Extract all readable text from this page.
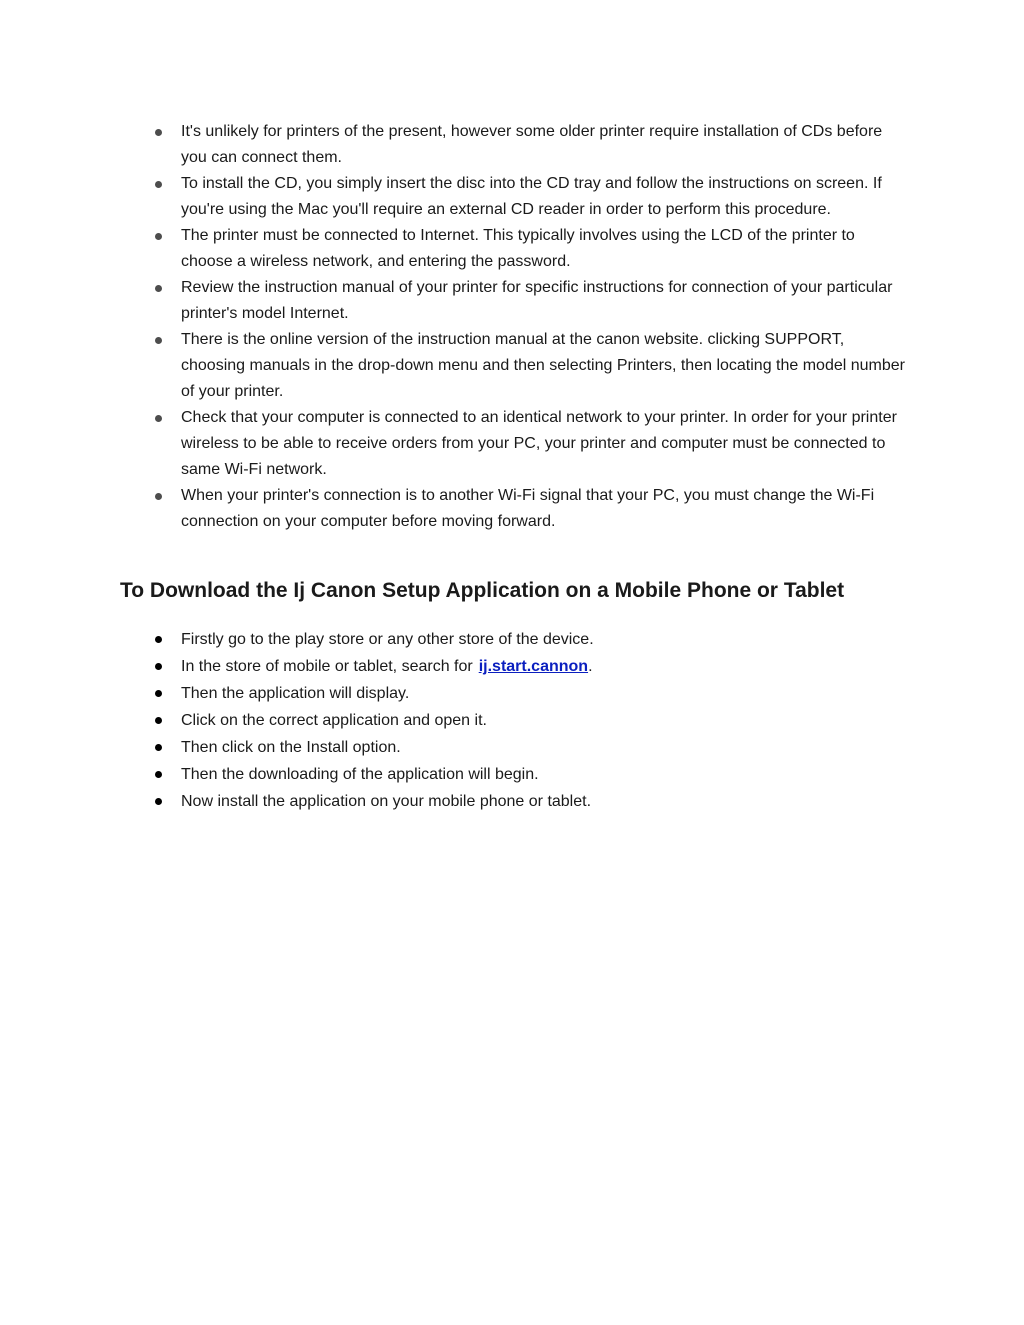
It's unlikely for printers of the present, however some older printer require installation of CDs before you can connect them.
To install the CD, you simply insert the disc into the CD tray and follow the instructions on screen. If you're using the Mac you'll require an external CD reader in order to perform this procedure.
The printer must be connected to Internet. This typically involves using the LCD of the printer to choose a wireless network, and entering the password.
Review the instruction manual of your printer for specific instructions for connection of your particular printer's model Internet.
There is the online version of the instruction manual at the canon website. clicking SUPPORT, choosing manuals in the drop-down menu and then selecting Printers, then locating the model number of your printer.
Check that your computer is connected to an identical network to your printer. In order for your printer wireless to be able to receive orders from your PC, your printer and computer must be connected to same Wi-Fi network.
When your printer's connection is to another Wi-Fi signal that your PC, you must change the Wi-Fi connection on your computer before moving forward.
To Download the Ij Canon Setup Application on a Mobile Phone or Tablet
Firstly go to the play store or any other store of the device.
In the store of mobile or tablet, search for ij.start.cannon.
Then the application will display.
Click on the correct application and open it.
Then click on the Install option.
Then the downloading of the application will begin.
Now install the application on your mobile phone or tablet.
